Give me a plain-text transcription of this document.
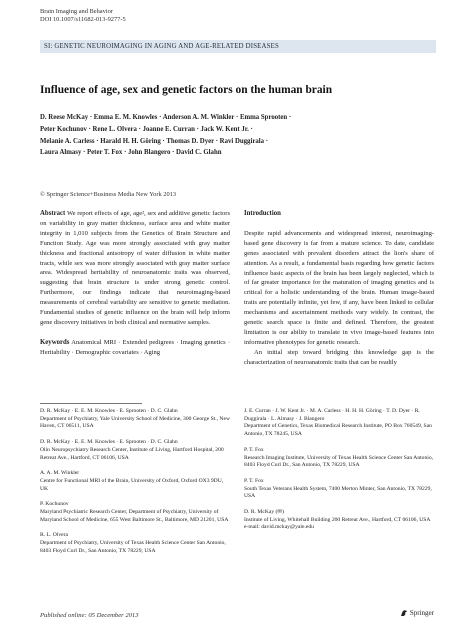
Brain Imaging and Behavior
DOI 10.1007/s11682-013-9277-5
SI: GENETIC NEUROIMAGING IN AGING AND AGE-RELATED DISEASES
Influence of age, sex and genetic factors on the human brain
D. Reese McKay · Emma E. M. Knowles · Anderson A. M. Winkler · Emma Sprooten ·
Peter Kochunov · Rene L. Olvera · Joanne E. Curran · Jack W. Kent Jr. ·
Melanie A. Carless · Harald H. H. Göring · Thomas D. Dyer · Ravi Duggirala ·
Laura Almasy · Peter T. Fox · John Blangero · David C. Glahn
© Springer Science+Business Media New York 2013

Abstract We report effects of age, age², sex and additive genetic factors on variability in gray matter thickness, surface area and white matter integrity in 1,010 subjects from the Genetics of Brain Structure and Function Study. Age was more strongly associated with gray matter thickness and fractional anisotropy of water diffusion in white matter tracts, while sex was more strongly associated with gray matter surface area. Widespread heritability of neuroanatomic traits was observed, suggesting that brain structure is under strong genetic control. Furthermore, our findings indicate that neuroimaging-based measurements of cerebral variability are sensitive to genetic mediation. Fundamental studies of genetic influence on the brain will help inform gene discovery initiatives in both clinical and normative samples.

Keywords Anatomical MRI · Extended pedigrees · Imaging genetics · Heritability · Demographic covariates · Aging

Introduction

Despite rapid advancements and widespread interest, neuroimaging-based gene discovery is far from a mature science. To date, candidate genes associated with prevalent disorders attract the lion's share of attention. As a result, a fundamental basis regarding how genetic factors influence basic aspects of the brain has been largely neglected, which is of far greater importance for the maturation of imaging genetics and is critical for a holistic understanding of the brain. Human image-based traits are potentially infinite, yet few, if any, have been linked to cellular mechanisms and ascertainment methods vary widely. In contrast, the genetic search space is finite and defined. Therefore, the greatest limitation is our ability to translate in vivo image-based features into informative phenotypes for genetic research.

An initial step toward bridging this knowledge gap is the characterization of neuroanatomic traits that can be readily

D. R. McKay · E. E. M. Knowles · E. Sprooten · D. C. Glahn
Department of Psychiatry, Yale University School of Medicine, 300 George St., New Haven, CT 06511, USA
D. R. McKay · E. E. M. Knowles · E. Sprooten · D. C. Glahn
Olin Neuropsychiatry Research Center, Institute of Living, Hartford Hospital, 200 Retreat Ave., Hartford, CT 06106, USA
A. A. M. Winkler
Centre for Functional MRI of the Brain, University of Oxford, Oxford OX3 9DU, UK
P. Kochunov
Maryland Psychiatric Research Center, Department of Psychiatry, University of Maryland School of Medicine, 655 West Baltimore St., Baltimore, MD 21201, USA
R. L. Olvera
Department of Psychiatry, University of Texas Health Science Center San Antonio, 8403 Floyd Curl Dr., San Antonio, TX 78229, USA
J. E. Curran · J. W. Kent Jr. · M. A. Carless · H. H. H. Göring · T. D. Dyer · R. Duggirala · L. Almasy · J. Blangero
Department of Genetics, Texas Biomedical Research Institute, PO Box 760549, San Antonio, TX 78245, USA
P. T. Fox
Research Imaging Institute, University of Texas Health Science Center San Antonio, 8403 Floyd Curl Dr., San Antonio, TX 78229, USA
P. T. Fox
South Texas Veterans Health System, 7400 Merton Minter, San Antonio, TX 78229, USA
D. R. McKay (✉)
Institute of Living, Whitehall Building 200 Retreat Ave., Hartford, CT 06106, USA
e-mail: david.mckay@yale.edu
Published online: 05 December 2013	Springer
